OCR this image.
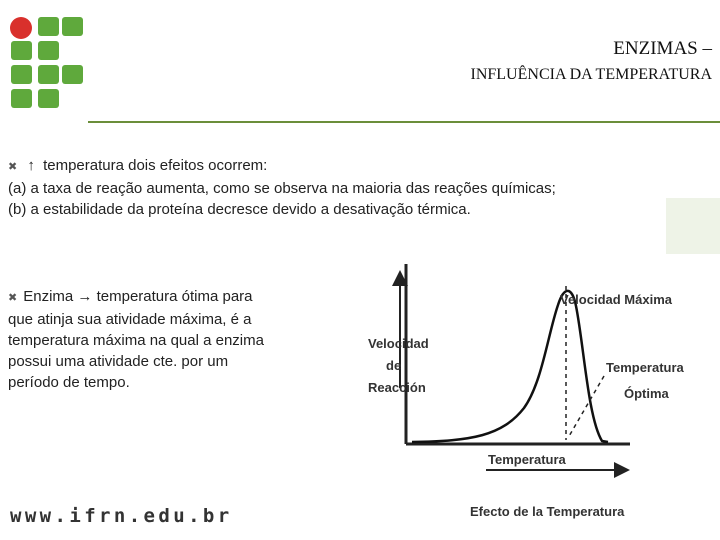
ENZIMAS –
INFLUÊNCIA DA TEMPERATURA
✖ ↑ temperatura dois efeitos ocorrem:
(a) a taxa de reação aumenta, como se observa na maioria das reações químicas;
(b) a estabilidade da proteína decresce devido a desativação térmica.
✖ Enzima → temperatura ótima para
que atinja sua atividade máxima, é a
temperatura máxima na qual a enzima
possui uma atividade cte. por um
período de tempo.
Velocidad Máxima
Temperatura
Óptima
Velocidad
de
Reacción
Temperatura
Efecto de la Temperatura
www.ifrn.edu.br
